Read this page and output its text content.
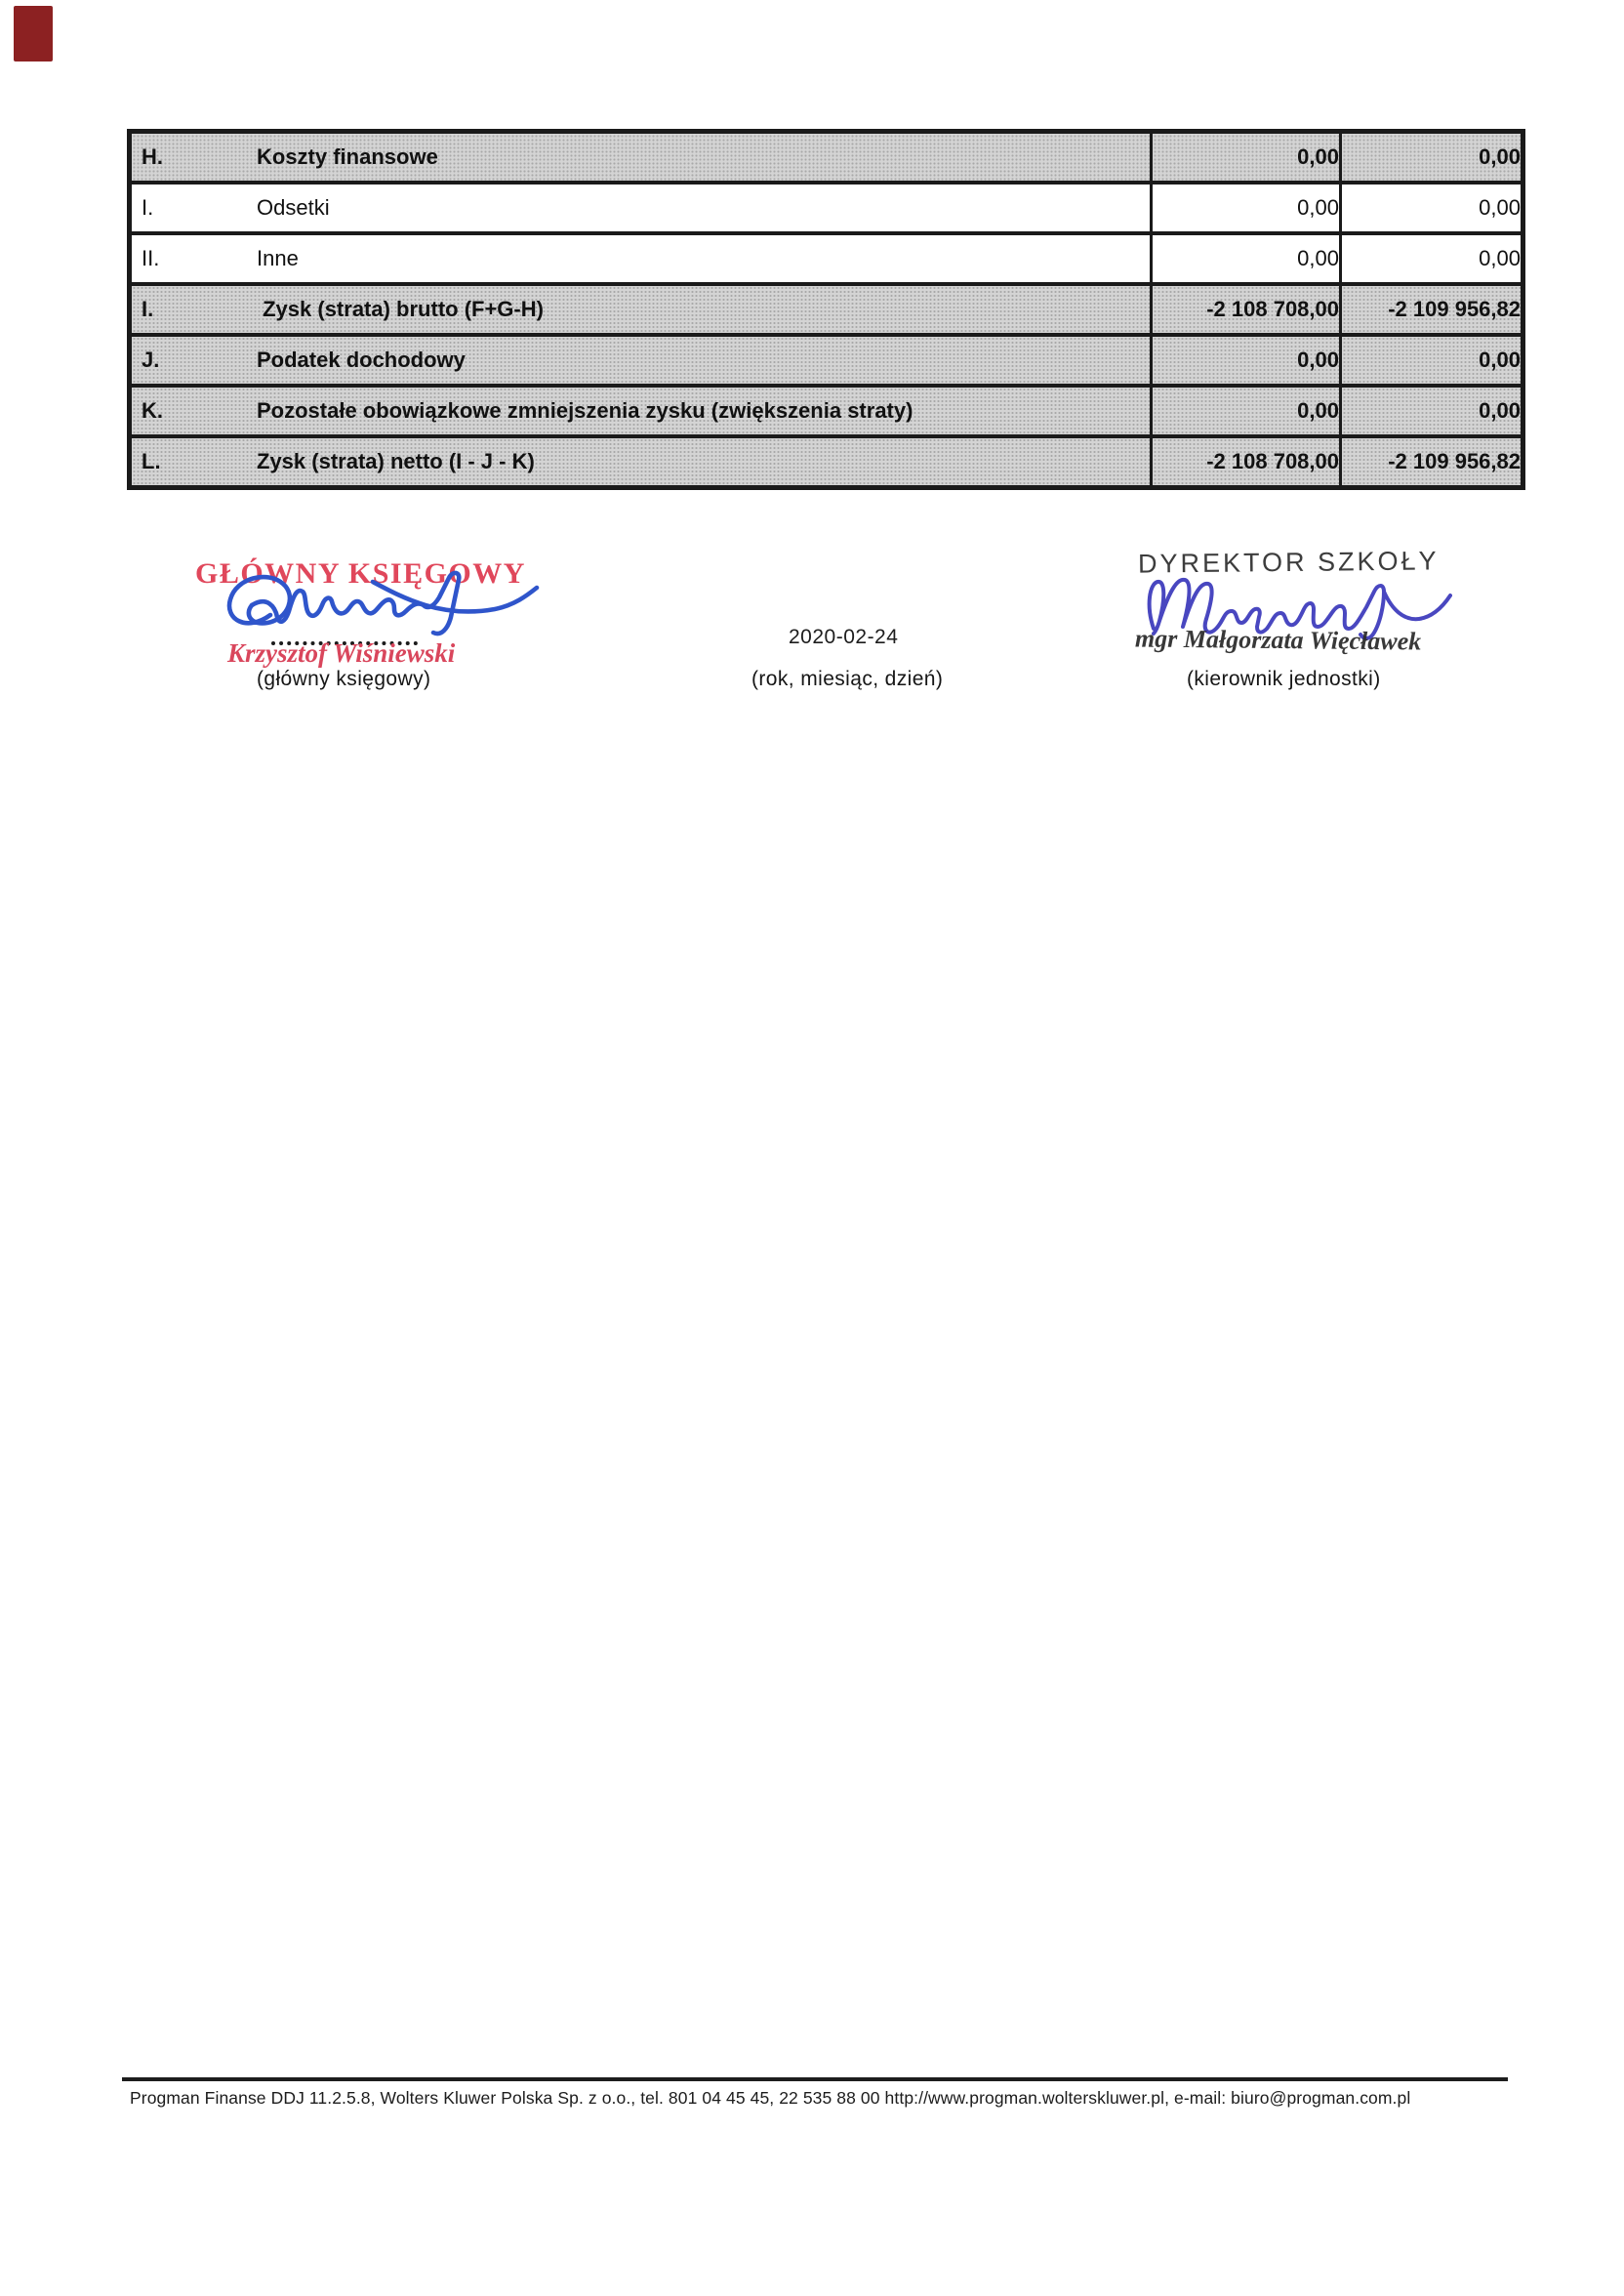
H. Koszty finansowe	0,00	0,00
I. Odsetki	0,00	0,00
II. Inne	0,00	0,00
I. Zysk (strata) brutto (F+G-H)	-2 108 708,00	-2 109 956,82
J. Podatek dochodowy	0,00	0,00
K. Pozostałe obowiązkowe zmniejszenia zysku (zwiększenia straty)	0,00	0,00
L. Zysk (strata) netto (I - J - K)	-2 108 708,00	-2 109 956,82
GŁÓWNY KSIĘGOWY
Krzysztof Wiśniewski
(główny księgowy)
2020-02-24
(rok, miesiąc, dzień)
DYREKTOR SZKOŁY
mgr Małgorzata Więcławek
(kierownik jednostki)
Progman Finanse DDJ 11.2.5.8, Wolters Kluwer Polska Sp. z o.o., tel. 801 04 45 45, 22 535 88 00 http://www.progman.wolterskluwer.pl, e-mail: biuro@progman.com.pl
